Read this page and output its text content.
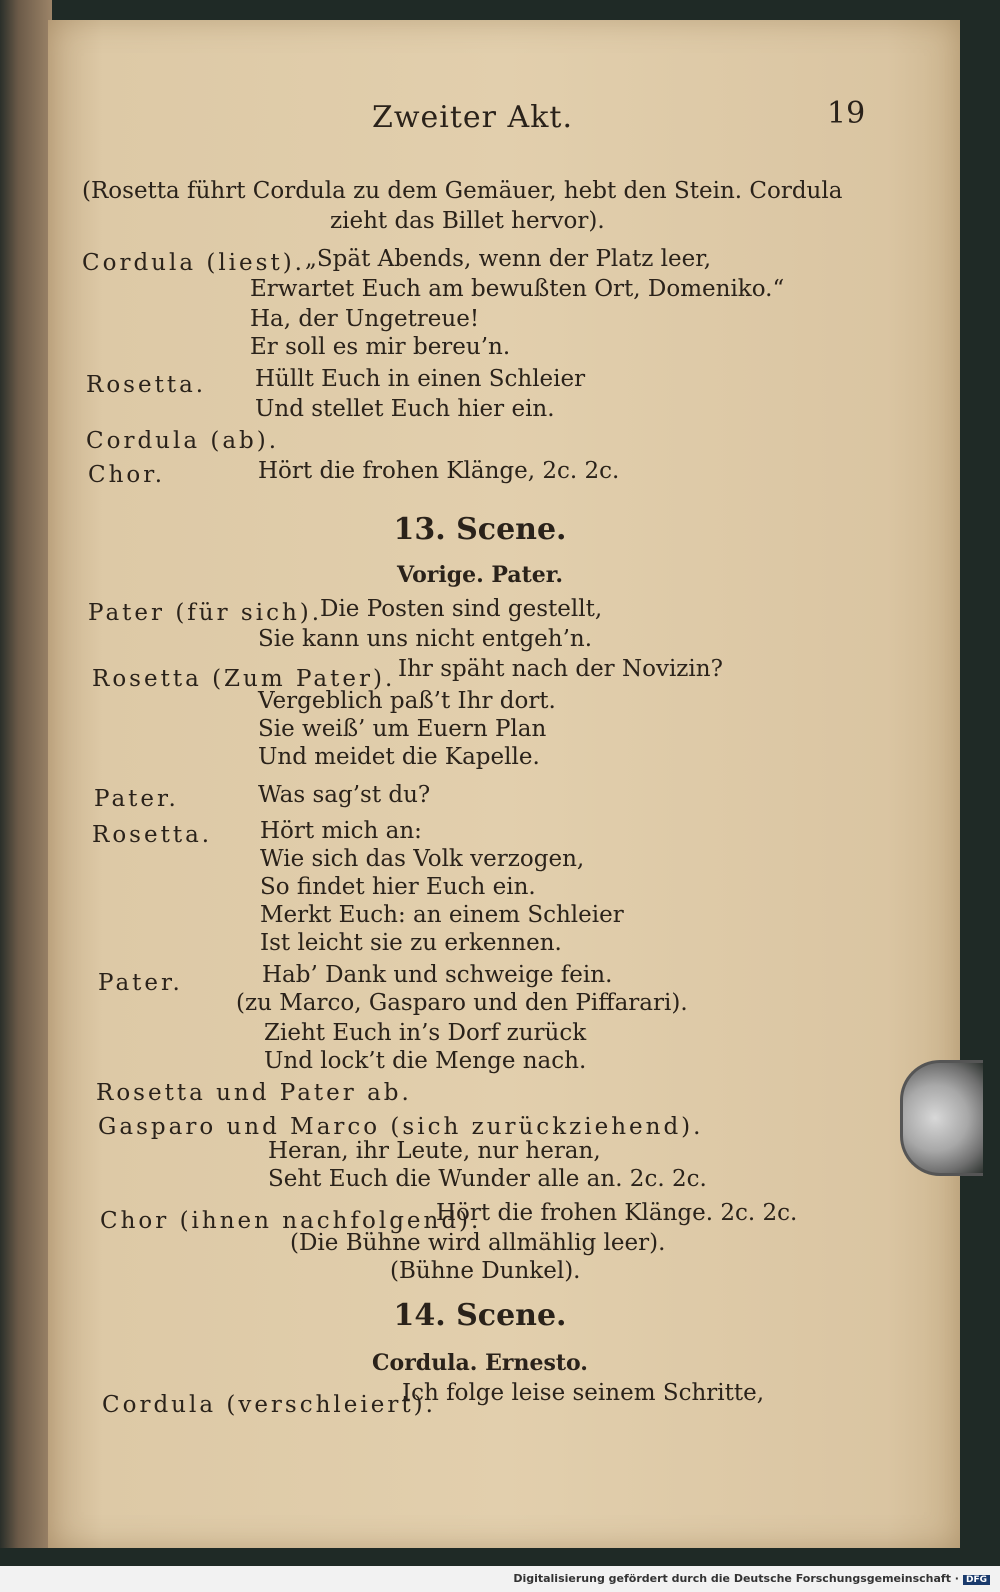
Zweiter Akt.	19
(Rosetta führt Cordula zu dem Gemäuer, hebt den Stein. Cordula
zieht das Billet hervor).
Cordula (liest). „Spät Abends, wenn der Platz leer,
Erwartet Euch am bewußten Ort, Domeniko.“
Ha, der Ungetreue!
Er soll es mir bereu’n.
Rosetta. Hüllt Euch in einen Schleier
Und stellet Euch hier ein.
Cordula (ab).
Chor.	Hört die frohen Klänge, 2c. 2c.
13. Scene.
Vorige. Pater.
Pater (für sich).
Die Posten sind gestellt,
Sie kann uns nicht entgeh’n.
Rosetta (Zum Pater). Ihr späht nach der Novizin?
Vergeblich paß’t Ihr dort.
Sie weiß’ um Euern Plan
Und meidet die Kapelle.
Pater.	Was sag’st du?
Rosetta. Hört mich an:
Wie sich das Volk verzogen,
So findet hier Euch ein.
Merkt Euch: an einem Schleier
Ist leicht sie zu erkennen.
Pater.	Hab’ Dank und schweige fein.
(zu Marco, Gasparo und den Piffarari).
Zieht Euch in’s Dorf zurück
Und lock’t die Menge nach.
Rosetta und Pater ab.
Gasparo und Marco (sich zurückziehend).
Heran, ihr Leute, nur heran,
Seht Euch die Wunder alle an. 2c. 2c.
Chor (ihnen nachfolgend).
Hört die frohen Klänge. 2c. 2c.
(Die Bühne wird allmählig leer).
(Bühne Dunkel).
14. Scene.
Cordula. Ernesto.
Cordula (verschleiert).
Ich folge leise seinem Schritte,
Digitalisierung gefördert durch die Deutsche Forschungsgemeinschaft · DFG
